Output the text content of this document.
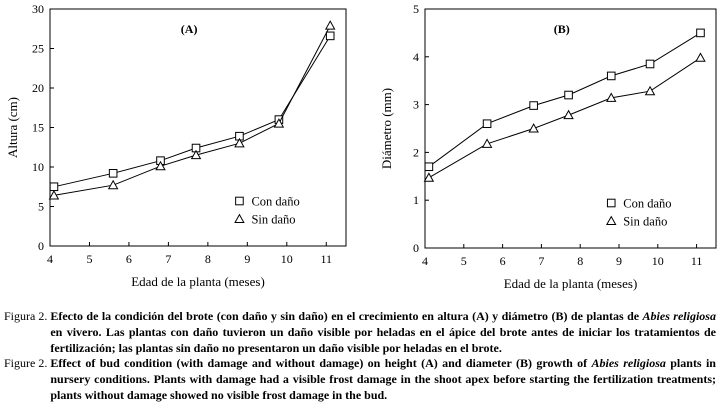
4	5	6	7	8	9	10 11
0
5
10
15
20
25
30
Edad de la planta (meses)
Altura (cm)
(A)
Con daño
Sin daño
4	5	6	7	8	9 10 11
0
1
2
3
4
5
Edad de la planta (meses)
Diámetro (mm)
(B)
Con daño
Sin daño
Figura 2. Efecto de la condición del brote (con daño y sin daño) en el crecimiento en altura (A) y diámetro (B) de plantas de Abies religiosa en vivero. Las plantas con daño tuvieron un daño visible por heladas en el ápice del brote antes de iniciar los tratamientos de fertilización; las plantas sin daño no presentaron un daño visible por heladas en el brote.
Figure 2. Effect of bud condition (with damage and without damage) on height (A) and diameter (B) growth of Abies religiosa plants in nursery conditions. Plants with damage had a visible frost damage in the shoot apex before starting the fertilization treatments; plants without damage showed no visible frost damage in the bud.
